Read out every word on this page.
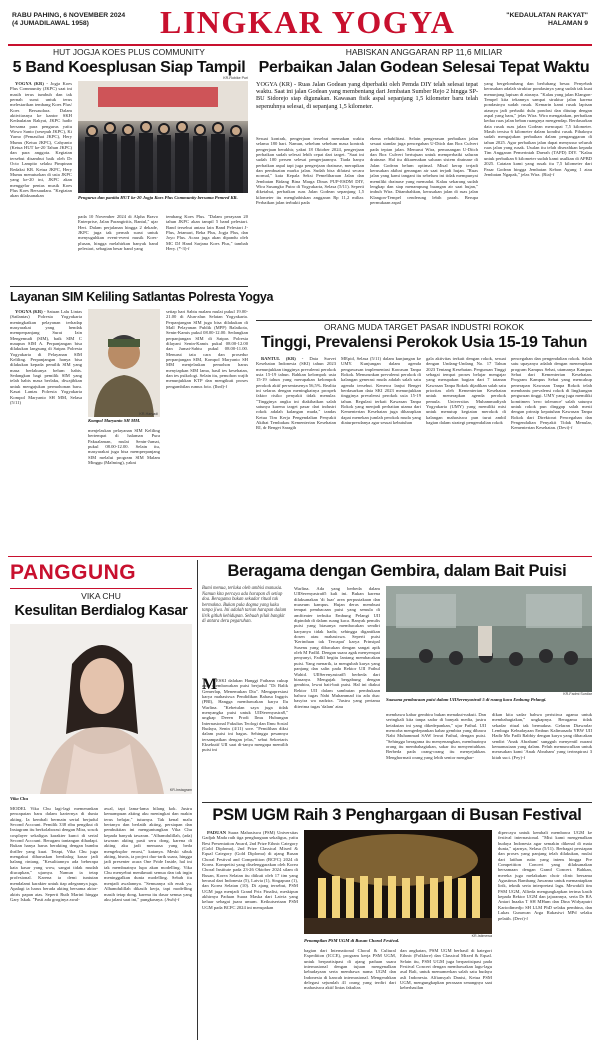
RABU PAHING, 6 NOVEMBER 2024
(4 JUMADILAWAL 1958)	LINGKAR YOGYA	"KEDAULATAN RAKYAT"
HALAMAN 9
HUT JOGJA KOES PLUS COMMUNITY
5 Band Koesplusan Siap Tampil

YOGYA (KR) - Jogja Koes Plus Community (JKPC) saat ini masih terus tumbuh dan tak pernah surut untuk terus melestarikan tembang Koes Plus/ Koes Bersaudara. Dalam aktivitasnya ke kantor SKH Kedaulatan Rakyat, JKPC hadir bersama para pengurus yaitu Wowo Santo (sesepuh JKPC), Ki Yarno (Pemasihat JKPC), Hery Mumu (Ketua JKPC), Cahyanto (Ketua HUT ke-20 Tahun JKPC) dan para anggota. Kegiatan tersebut disambut baik oleh Dr Octo Lampito selaku Pimpinan Redaksi KR. Ketua JKPC, Hery Mumu menuturkan di usia JKPC yang ke-20 ini, JKPC akan menggelar pentas musik Koes Plus Koes Bersaudara. "Kegiatan akan dilaksanakan

KR-Robike Puri
Pengurus dan panitia HUT ke-20 Jogja Koes Plus Community bersama Pemred KR.
pada 10 November 2024 di Alpha Bravo Enterprise, Jalan Parangtritis, Bantul," ujar Heri. Dalam perjalanan hingga 2 dekade, JKPC juga tak pernah surut untuk menyuguhkan event-event musik Koes-plusan, hingga melahirkan banyak band pelestari, sebagian besar band yang
tembang Koes Plus. "Dalam perayaan 20 tahun JKPC akan tampil 5 band pelestari. Band tersebut antara lain Band Pelestari J-Plus, Jetamari, Beka Plus, Jogja Plus, dan Joyo Plus. Acara juga akan dipandu oleh MC DJ Hand Sarjana Koes Plus," tambah Hery. (*-3)-f
HABISKAN ANGGARAN RP 11,6 MILIAR
Perbaikan Jalan Godean Selesai Tepat Waktu
YOGYA (KR) - Ruas Jalan Godean yang diperbaiki oleh Pemda DIY telah selesai tepat waktu. Saat ini jalan Godean yang membentang dari Jembatan Sumber Rejo 2 hingga SP-BU Sidorejo siap digunakan. Kawasan fisik aspal sepanjang 1,5 kilometer baru telah sepenuhnya selesai, di sepanjang 1,5 kilometer.
Sesuai kontrak, pengerjaan tersebut memakan waktu selama 180 hari. Namun, sebelum sebelum masa kontrak pengerjaan berakhir, yakni 18 Oktober 2024, pengerjaan perbaikan sudah selesai lebih cepat dari target. "Saat ini sudah 100 persen selesai pengerjaannya. Tiada hanya perbaikan aspal tapi juga pengerjaan drainase, merapikan dan pembuatan marka jalan. Sudah bisa difatasi secara normal," kata Kepala Seksi Pemeliharaan Jalan dan Jembatan Bidang Bina Marga Dinas PUP-ESDM DIY, Wira Susangko Putro di Yogyakarta, Selasa (5/11). Seperti diketahui, perbaikan ruas Jalan Godean sepanjang 1,5 kilometer itu menghabiskan anggaran Rp 11,2 miliar. Perbaikan jalan terbukti pada
ekena rehabilitasi. Selain pengerasan perbaikan jalan sesuai standar juga pencegahan U-Ditch dan Box Culvert pada tepian jalan. Menurut Wira, pemasangan U-Ditch dan Box Culvert bertujuan untuk memperbaiki saluran drainase. Hal itu dikarenakan saluran sistem drainase di Jalan Godean belum optimal. Misal kerap terjadi kerusakan akibat genangan air saat terjadi hujan. "Ruas jalan yang kami tangani itu sebelum ini tidak mempunyai memiliki drainase yang memadai. Kalau sekarang sudah lengkap dan siap menampung buangan air saat hujan," imbuh Wira. Ditambahkan, kerusakan jalan di ruas jalan Klangon-Tempel cenderung lebih parah. Berupa permukaan aspal
yang bergelombang dan berlubang besar. Penyebab kerusakan adalah struktur pondasinya yang sudah tak kuat menunjang lapisan di atasnya. "Kalau yang jalan Klangon-Tempel kita tekannya sampai struktur jalan karena pondasinya sudah rusak. Kemarin kami rusak lapisan atasnya jadi perbaiki dulu pondasi dan ditutup dengan aspal yang baru," jelas Wira. Wira mengatakan, perbaikan kedua ruas jalan beban ruangnya mengendap. Berdasarkan data rusak ruas jalan Godean mencapai 7,5 kilometer. Masih tersisa 6 kilometer dalam kondisi rusak. Pihaknya sudah mengajukan perbaikan dalam penganggaran di tahun 2025. Agar perbaikan jalan dapat menyusur seluruh ruas jalan yang rusak. Usulan itu telah diserahkan kepada Tim Anggaran Pemerintah Daerah (TAPD) DIY. "Kalau untuk perbaikan 6 kilometer sudah kami usulkan di APBD 2025. Catatan kami yang rusak itu 7,5 kilometer dari Pasar Godean hingga Jembatan Kebon Agung 1 atau Jembatan Ngapak," jelas Wira. (Ria)-f
Layanan SIM Keliling Satlantas Polresta Yogya

YOGYA (KR) - Satuan Lalu Lintas (Satlantas) Polresta Yogyakarta meningkatkan pelayanan terhadap masyarakat yang hendak memperpanjang Surat Izin Mengemudi (SIM), baik SIM C maupun SIM A. Perpanjangan bisa dilakukan langsung di Satpas Polresta Yogyakarta di Pelayanan SIM Keliling. Perpanjangan hanya bisa dilakukan kepada pemilik SIM yang masa berlakunya belum habis. Sedangkan bagi pemilik SIM yang telah habis masa berlaku, diwajibkan untuk mengajukan permohonan baru. Kasat Lantas Polresta Yogyakarta Kompol Maryanto SH MM, Selasa (5/11)

KR-Haryadi
Kompol Maryanto SH MM.
menjelaskan pelayanan SIM Keliling bertempat di halaman Pura Pakualaman, mulai Senin-Jumat, pukul 08.00-12.00. Selain itu, masyarakat juga bisa memperpanjang SIM melalui program SIM Malam Minggu (Malming), yakni
setiap hari Sabtu malam mulai pukul 19.00-21.00 di Alun-alun Selatan Yogyakarta. Perpanjangan SIM juga bisa dilakukan di Mall Pelayanan Publik (MPP) Balaikota, Senin-Kamis pukul 08.00-12.00. Sedangkan perpanjangan SIM di Satpas Polresta dilayani Senin-Kamis pukul 08.00-12.00 dan Jumat-Sabtu pukul 08.00-11.00. Menurut tata cara dan prosedur perpanjangan SIM, Kompol Maryanto SH MM menjelaskan pemohon harus menyiapkan SIM lama, hasil tes kesehatan, dan tes psikologi. Selain itu, pemohon wajib menunjukkan KTP dan mengikuti proses pengambilan rumus foto. (Ihrd)-f
ORANG MUDA TARGET PASAR INDUSTRI ROKOK
Tinggi, Prevalensi Perokok Usia 15-19 Tahun

BANTUL (KR) - Data Survei Kesehatan Indonesia (SKI) tahun 2023 menunjukkan tingginya prevalensi perokok usia 15-19 tahun. Bahkan kelompok usia 15-19 tahun yang merupakan kelompok perokok aktif persentasenya 56,5%. Realita ini selaras dengan meningkatnya prospek faktor risiko penyakit tidak menular. "Tingginya angka ini diakibatkan salah satunya karena target pasar dari industri rokok adalah kalangan muda," tandas Ketua Tim Kerja Pengendalian Penyakit Akibat Tembakau Kementerian Kesehatan RI, dr Benget Saragih

MEpid, Selasa (5/11) dalam kunjungan ke UMY. Kunjungan dalam agenda pengawasan implementasi Kawasan Tanpa Rokok. Menurunkan prevalensi perokok di kalangan generasi muda adalah salah satu agenda tersebut. Kenewa lanjut Benget berdasarkan data SKI 2023 menunjukkan tingginya prevalensi perokok usia 15-19 tahun. Regulasi terkait Kawasan Tanpa Rokok yang menjadi perhatian utama dari Kementerian Kesehatan juga diharapkan dapat menekan jumlah perokok muda yang diaturpresdanya agar sesuai kebutuhan
gala aktivitas terkait dengan rokok, sesuai dengan Undang-Undang No. 17 Tahun 2023 Tentang Kesehatan. Perguruan Tinggi sebagai tempat proses belajar mengajar yang merupakan bagian dari 7 tatanan Kawasan Tanpa Rokok dijadikan salah satu prioritas oleh Kementerian Kesehatan untuk menerapkan agenda perokok pemula. Universitas Muhammadiyah Yogyakarta (UMY) yang memiliki misi untuk menutup kegiatan merokok di kalangan mahasiswa pun turut ambil bagian dalam strategi pengendalian rokok
pencegahan dan pengendalian rokok. Salah satu upayanya adalah dengan menerapkan program Kampus Sehat, utamanya Kampus Sehat dari Kementerian Kesehatan. Program Kampus Sehat yang mencakup penerapan Kawasan Tanpa Rokok telah membantu prevalensi rokok di lingkungan perguruan tinggi. UMY yang juga memiliki komitmen 'zero tolerance' salah satunya untuk rokok pun dinggap salah mesti dengan prinsip kepatuhan Kawasan Tanpa Rokok dari Direktorat Pencegahan dan Pengendalian Penyakit Tidak Menular, Kementerian Kesehatan. (Devi)-f
PANGGUNG
VIKA CHU
Kesulitan Berdialog Kasar
KR-Instagram
Vika Chu
MODEL Vika Chu lagi-lagi memerankan pencapaian baru dalam kariernya di dunia akting. Ia kembali bermain serial berjudul Second Account. Pemilik 338 ribu pengikut di Instagram itu berkolaborasi dengan Mira, sosok cosplayer sekaligus karakter kunci di serial Second Account. Beragam tantangan dihadapi. Bukan hanya harus berakting dengan bumbu thriller yang kuat. Tetapi, Vika Chu juga mengakui diharuskan berdialog kasar jadi halang rintang. "Kesulitannya ada beberapa kata kasar yang wow, sangat tidak mudah diucapkan," ujarnya. Namun ia tetap profesional. Karena ia demi tuntutan mendalami karakter untuk tiap adegannya juga. Apalagi ia harus berada akting bersama aktor-aktris papan atas. Seperti Ruth Marini hingga Gary Iskak. "Pasti ada groginya awal-
awal, tapi lama-lama hilang kok. Justru kemampuan akting aku meningkat dan makin terus belajar," tuturnya. Tak kenal malu bertanya dan berlatih akting, persiapan dan pembuktian ini menguntungkan Vika Chu kepada banyak tawaran. "Alhamdulillah, (ada) tawaran akting pasti seru dong, karena di akting aku jadi menuasa yang beda mengeksplor emosi," katanya. Meski sibuk akting, bisnis, ia project duo-tarik suara, hingga jadi presenter acara One Pride Inside, hal ini tak membuatnya lupa akan modelling. Vika Chu menyebut menikmati semua dan tak ingin meninggalkan dunia modelling. Sebab itu menjadi awalannya. "Semuanya sih enak yu. Alhamdulillah dikasih kerja, tapi modelling masih tetap dong, karena itu dasar semua yang aku jalani saat ini," pungkasnya. (Awh)-f
Beragama dengan Gembira, dalam Bait Puisi
Bumi menua, terluka oleh ambisi manusia. Namun kita percaya ada harapan di setiap doa. Beragama bukan sekadar ritual tak bermakna. Bukan pula dogma yang kaku tanpa jiwa. Ini adalah tarian harapan dalam lirik gitluh kehidupan. Sebuah pilak bangkit di antara deru pegaruhan.
M
ESKI dalakan Hanggi Fathana cukup apik membawakan puisi berjudul "Di Balik Gemerlap, Menemukan Dia". Mengapresiasi karya mahasiswa Pendidikan Bahasa Inggris (PBI), Hangga membawakan karya Ilu Warlina. "Kebetulan saya juga tidak menyangka puisi untuk UIISerenyastra8," ungkap Deeen Prodi Ilmu Hubungan Internasional Fakultas Teologi dan Ilmu Sosial Budaya, Senin (4/11) sore. "Pemilihan diksi dalam puisi ini bagus. Sehingga pesannya tersampaikan dengan jelas," sebut Sekretaris Eksekutif UII saat di-tanya mengapa memilih puisi ini
Warlina. Ada yang berbeda dalam UIISerenyastra#5 kali ini. Bukan karena dilaksanakan 'di luar' area perpustakaan dan museum kampus. Hujan deras membuat tempat pembacaan puisi yang semula di amfiteater terbuka Embung Pelangi UII dipindah di dalam ruang kaca. Banyak penulis puisi yang biasanya membacakan sendiri karyanya tidak hadir, sehingga digantikan dosen atau mahasiswa. Seperti puisi 'Kerinduan tak Tercapai' karya Prinsipal Susenu yang dibacakan dengan sangat apik oleh M Fadlil. Dengan suara agak menyerupai penyanyi, Fadlil begitu lantang membacakan puisi. Yang menarik, ia mengubah karya yang panjang dan salin pada Rektor UII Fathul Wahid. UIISerenyastra#5 berbeda dari biasanya. Mengajak bergabung dengan gembira, lewat bait-bait puisi. Hal ini diakui Rektor UII dalam sambutan pembukaan bahwa tugas Nabi Muhammad itu ada dua: basyira wa nadzira. "Justru yang pertama diterima tugas 'dalam' atau
KR-Fadmi Surdiar
Suasana pembacaan puisi dalam UIISerenyastra# 5 di ruang kaca Embung Pelangi.
membawa kabar gembira bukan menakut-nakuti. Dan seringkali kita tanpa sadar di banyak media, justru ketakutan ini yang dikedepankan," ujar Fathul. UII mencoba mengedepankan kabar gembira yang dibawa Nabi Muhammad SAW lewat Fathul, dengan puisi. "Sehingga beragama itu menyenangkan, membuatnya orang itu membahagiakan, sakar itu menyentuhkan. Berbeda pada orang-orang itu menyejukkan. Menghormati orang yang lebih senior menghar-
dikan kita sadar bahwa peristiwa agama untuk membahagiakan," ungkapnya. Beragama tidak sekadar ritual tak bermakna. Gelaran Diawarlar Lembaga Kebudayaan Embun Kalimasada YBW UII Hadir Mo Fadli Rabbiy dengan karya yang dibacakan sendiri 'Anak Abraham' sungguh menyentil nurani kemanusiaan yang dalam. Peluh memunculkan untuk merasakan kami 'Anak Abraham' yang terinspirasi 3 kitab suci. (Fey)-f
PSM UGM Raih 3 Penghargaan di Busan Festival

PADUAN Suara Mahasiswa (PSM) Universitas Gadjah Mada raih tiga penghargaan sekaligus, yaitu Best Presentation Award, 2nd Prize Ethnic Category (Gold Diploma), 2nd Prize Classical Mixed & Equal Category (Gold Diploma) di ajang Busan Choral Festival and Competition (BCFC) 2024 di Korea. Kompetisi yang diselenggarakan oleh Korea Choral Institute pada 23-26 Oktober 2024 silam di Busan, Korea Selatan itu diikuti oleh 17 tim yang berasal dari Indonesia (5), Latvia (1), Singapura (1), dan Korea Selatan (10). Di ajang tersebut, PSM UGM juga menjadi Grand Prix Finalist, meskipun akhirnya Paduan Suara Maska dari Latvia yang keluar sebagai juara umum. Keikutsertaan PSM UGM pada BCFC 2024 ini merupakan

KR-Istimewa
Penampilan PSM UGM di Busan Choral Festival.
bagian dari International Choral & Cultural Expedition (ICCE), program kerja PSM UGM, untuk berpartisipasi di ajang paduan suara internasional dengan tujuan mengenalkan kebudayaan serta membawa nama UGM dan Indonesia di kancah internasional. Mengerahkan delegasi sejumlah 41 orang yang terdiri dari mahasiswa aktif lintas fakultas
dan angkatan, PSM UGM berhasil di kategori Ethnic (Folklore) dan Classical Mixed & Equal. Selain itu, PSM UGM juga berpartisipasi pada Festival Concert dengan membawakan lagu-lagu asal Bali, untuk memamerkan salah satu budaya asli Indonesia. Alfiansyah Danisi, Ketua PSM UGM, mengungkapkan perasaan senangnya saat keberhasilan
dipercaya untuk kembali membawa UGM ke festival internasional. "Misi kami mengenalkan budaya Indonesia agar semakin dikenal di mata dunia," ujarnya, Selasa (5/11). Berbagai persiapan dan proses yang panjang telah dilakukan, mulai dari latihan rutin yang intens hingga Pre Competition Concert yang dilaksanakan bersamaan dengan Grand Concert. Bahkan, mereka juga melakukan choir clinic bersama Agustinus Bambang Juwanna untuk memantapkan lirik, teknik serta interpretasi lagu. Mewakili tim PSM UGM, Allieda mengungkapkan terima kasih kepada Rektor UGM dan jajarannya, serta Dr RA Antari Inaaka T SH MHum dan Dina Widyaputri Kariodimedjo SH LLM PhD selaku pembina, dan Lukas Gunawan Arga Rakasiwi MPd selaku pelatih. (Devi)-f
